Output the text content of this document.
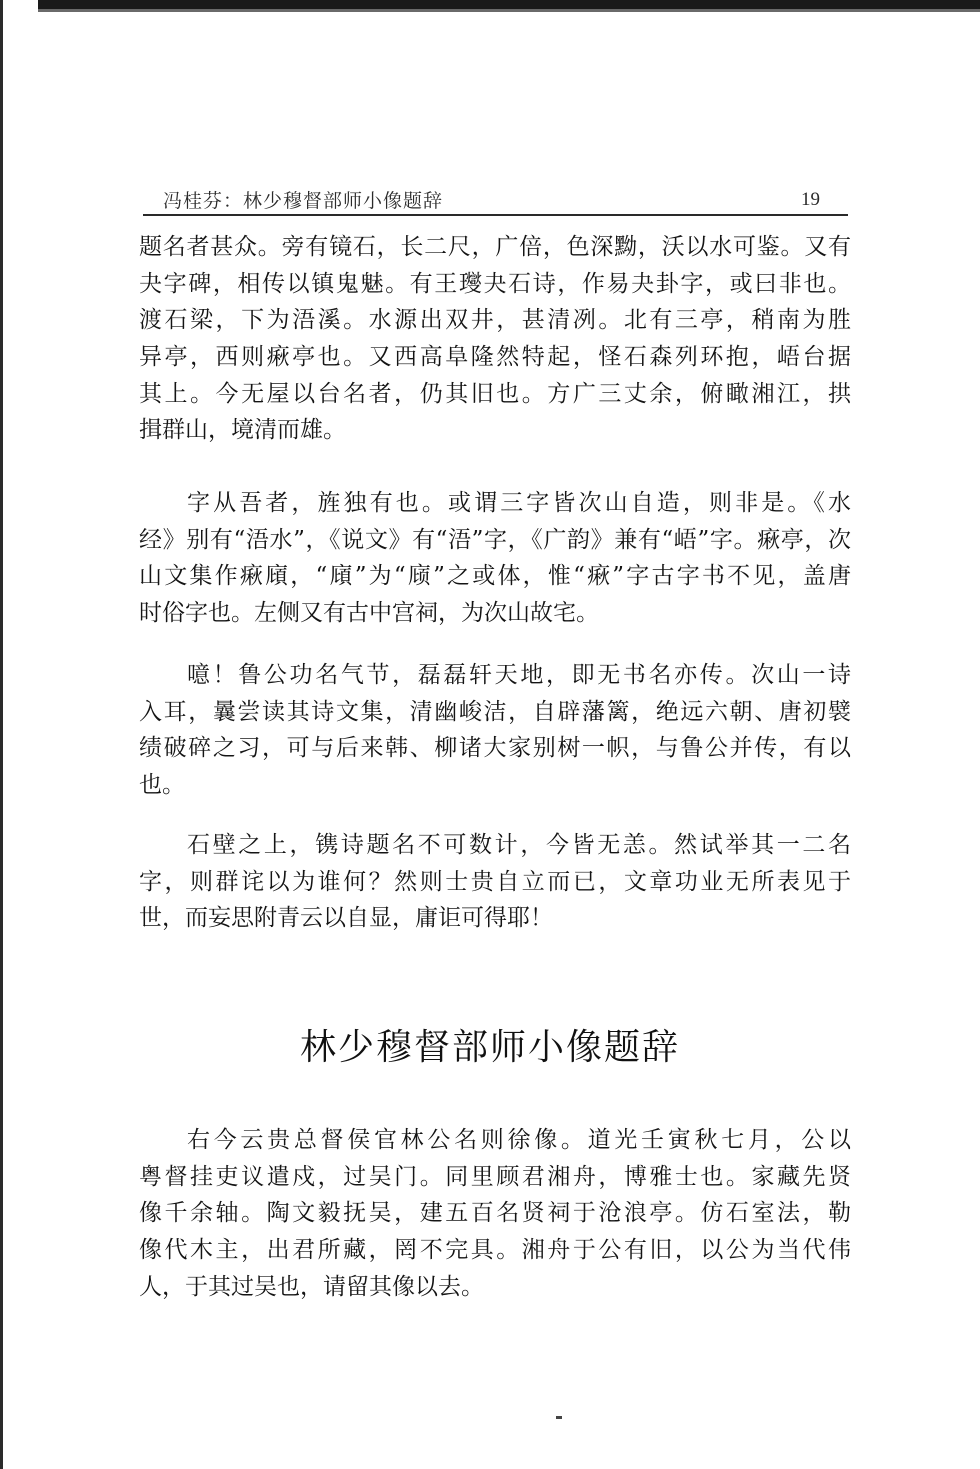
冯桂芬：林少穆督部师小像题辞	19
题名者甚众。旁有镜石，长二尺，广倍，色深黝，沃以水可鉴。又有
夬字碑，相传以镇鬼魅。有王𤫉夬石诗，作易夬卦字，或曰非也。
渡石梁，下为浯溪。水源出双井，甚清冽。北有三亭，稍南为胜
异亭，西则㾭亭也。又西高阜隆然特起，怪石森列环抱，峿台据
其上。今无屋以台名者，仍其旧也。方广三丈余，俯瞰湘江，拱
揖群山，境清而雄。
字从吾者，旌独有也。或谓三字皆次山自造，则非是。《水
经》别有“浯水”，《说文》有“浯”字，《广韵》兼有“峿”字。㾭亭，次
山文集作㾭廎，“廎”为“庼”之或体，惟“㾭”字古字书不见，盖唐
时俗字也。左侧又有古中宫祠，为次山故宅。
噫！鲁公功名气节，磊磊轩天地，即无书名亦传。次山一诗
入耳，曩尝读其诗文集，清幽峻洁，自辟藩篱，绝远六朝、唐初襞
绩破碎之习，可与后来韩、柳诸大家别树一帜，与鲁公并传，有以
也。
石壁之上，镌诗题名不可数计，今皆无恙。然试举其一二名
字，则群诧以为谁何？然则士贵自立而已，文章功业无所表见于
世，而妄思附青云以自显，庸讵可得耶！
林少穆督部师小像题辞
右今云贵总督侯官林公名则徐像。道光壬寅秋七月，公以
粤督挂吏议遣戍，过吴门。同里顾君湘舟，博雅士也。家藏先贤
像千余轴。陶文毅抚吴，建五百名贤祠于沧浪亭。仿石室法，勒
像代木主，出君所藏，罔不完具。湘舟于公有旧，以公为当代伟
人，于其过吴也，请留其像以去。
